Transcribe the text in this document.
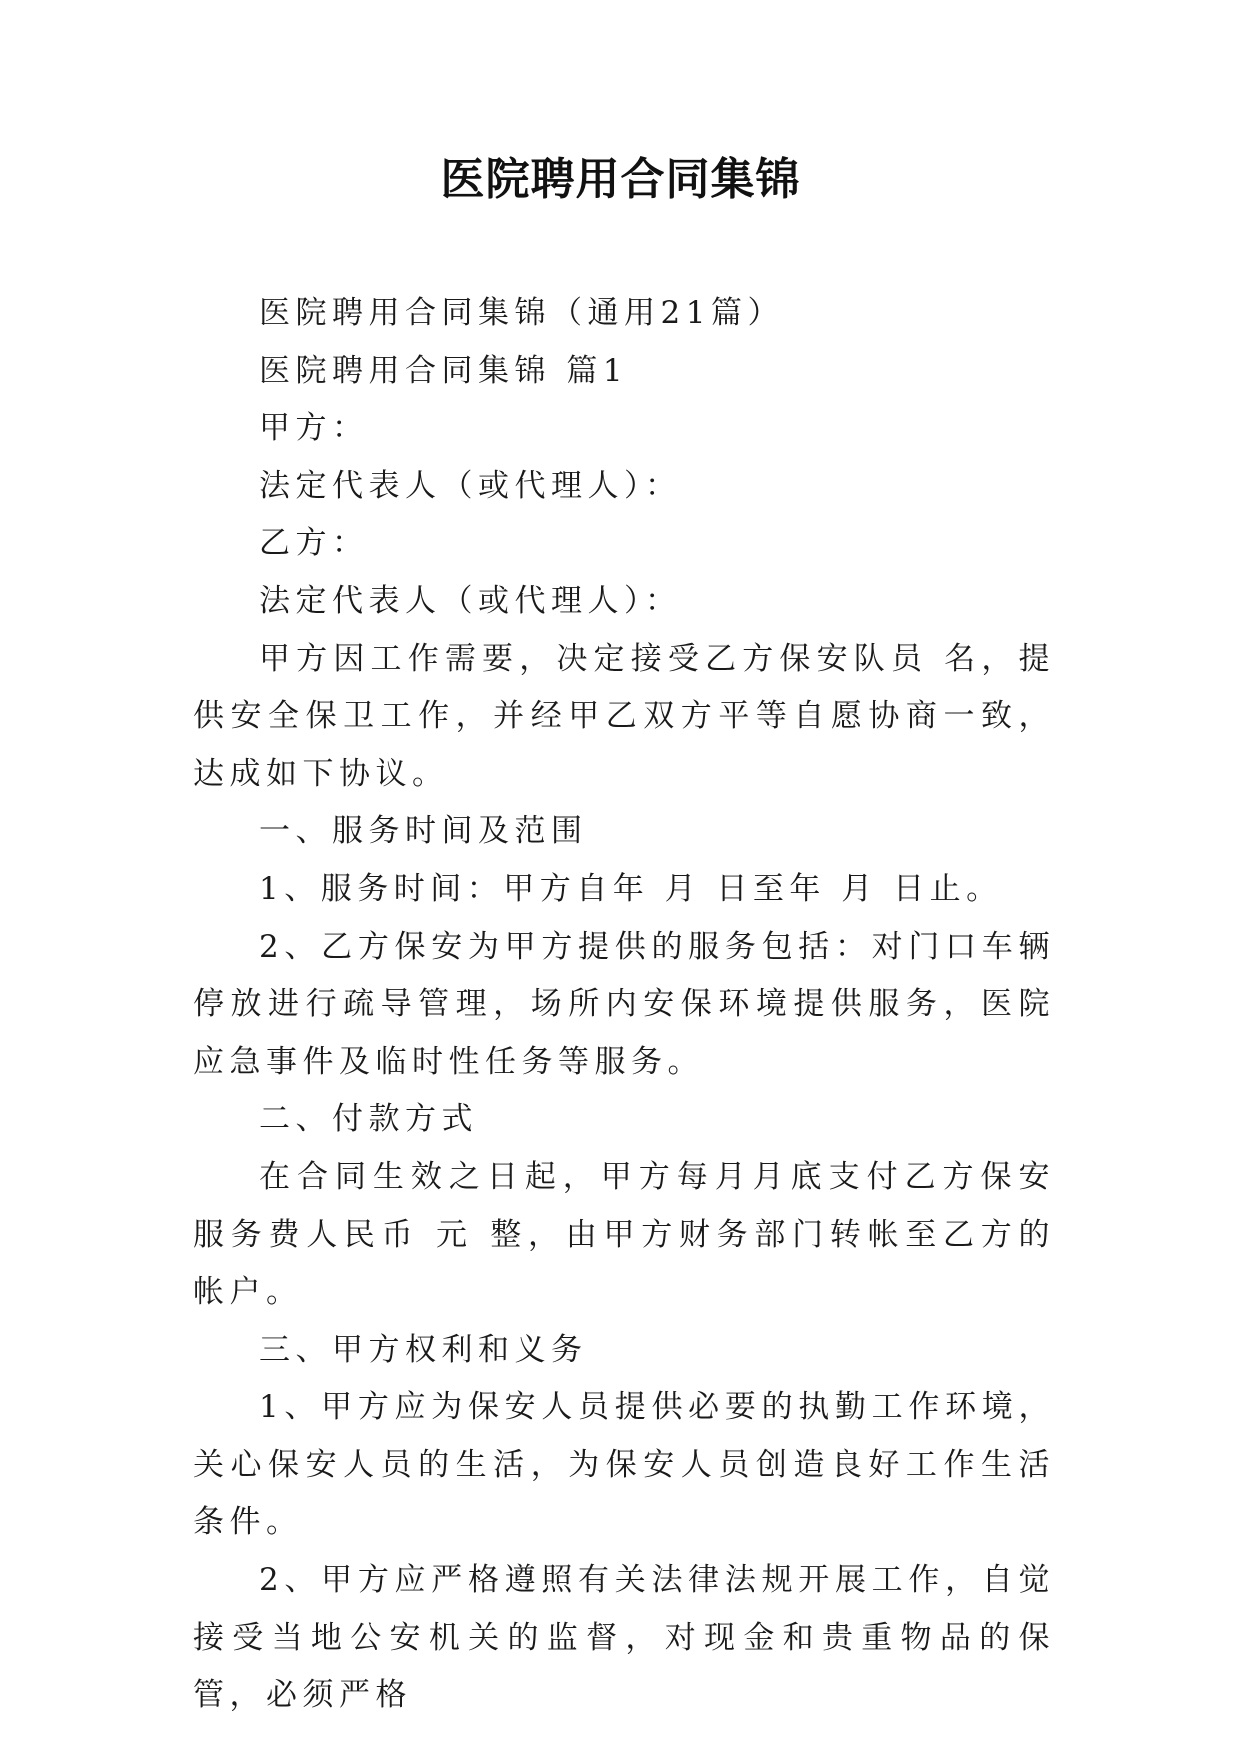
医院聘用合同集锦

医院聘用合同集锦（通用21篇）

医院聘用合同集锦 篇1

甲方：

法定代表人（或代理人）：

乙方：

法定代表人（或代理人）：

甲方因工作需要，决定接受乙方保安队员 名，提供安全保卫工作，并经甲乙双方平等自愿协商一致，达成如下协议。

一、服务时间及范围

1、服务时间：甲方自年 月 日至年 月 日止。

2、乙方保安为甲方提供的服务包括：对门口车辆停放进行疏导管理，场所内安保环境提供服务，医院应急事件及临时性任务等服务。

二、付款方式

在合同生效之日起，甲方每月月底支付乙方保安服务费人民币 元 整，由甲方财务部门转帐至乙方的帐户。

三、甲方权利和义务

1、甲方应为保安人员提供必要的执勤工作环境，关心保安人员的生活，为保安人员创造良好工作生活条件。

2、甲方应严格遵照有关法律法规开展工作，自觉接受当地公安机关的监督，对现金和贵重物品的保管，必须严格
